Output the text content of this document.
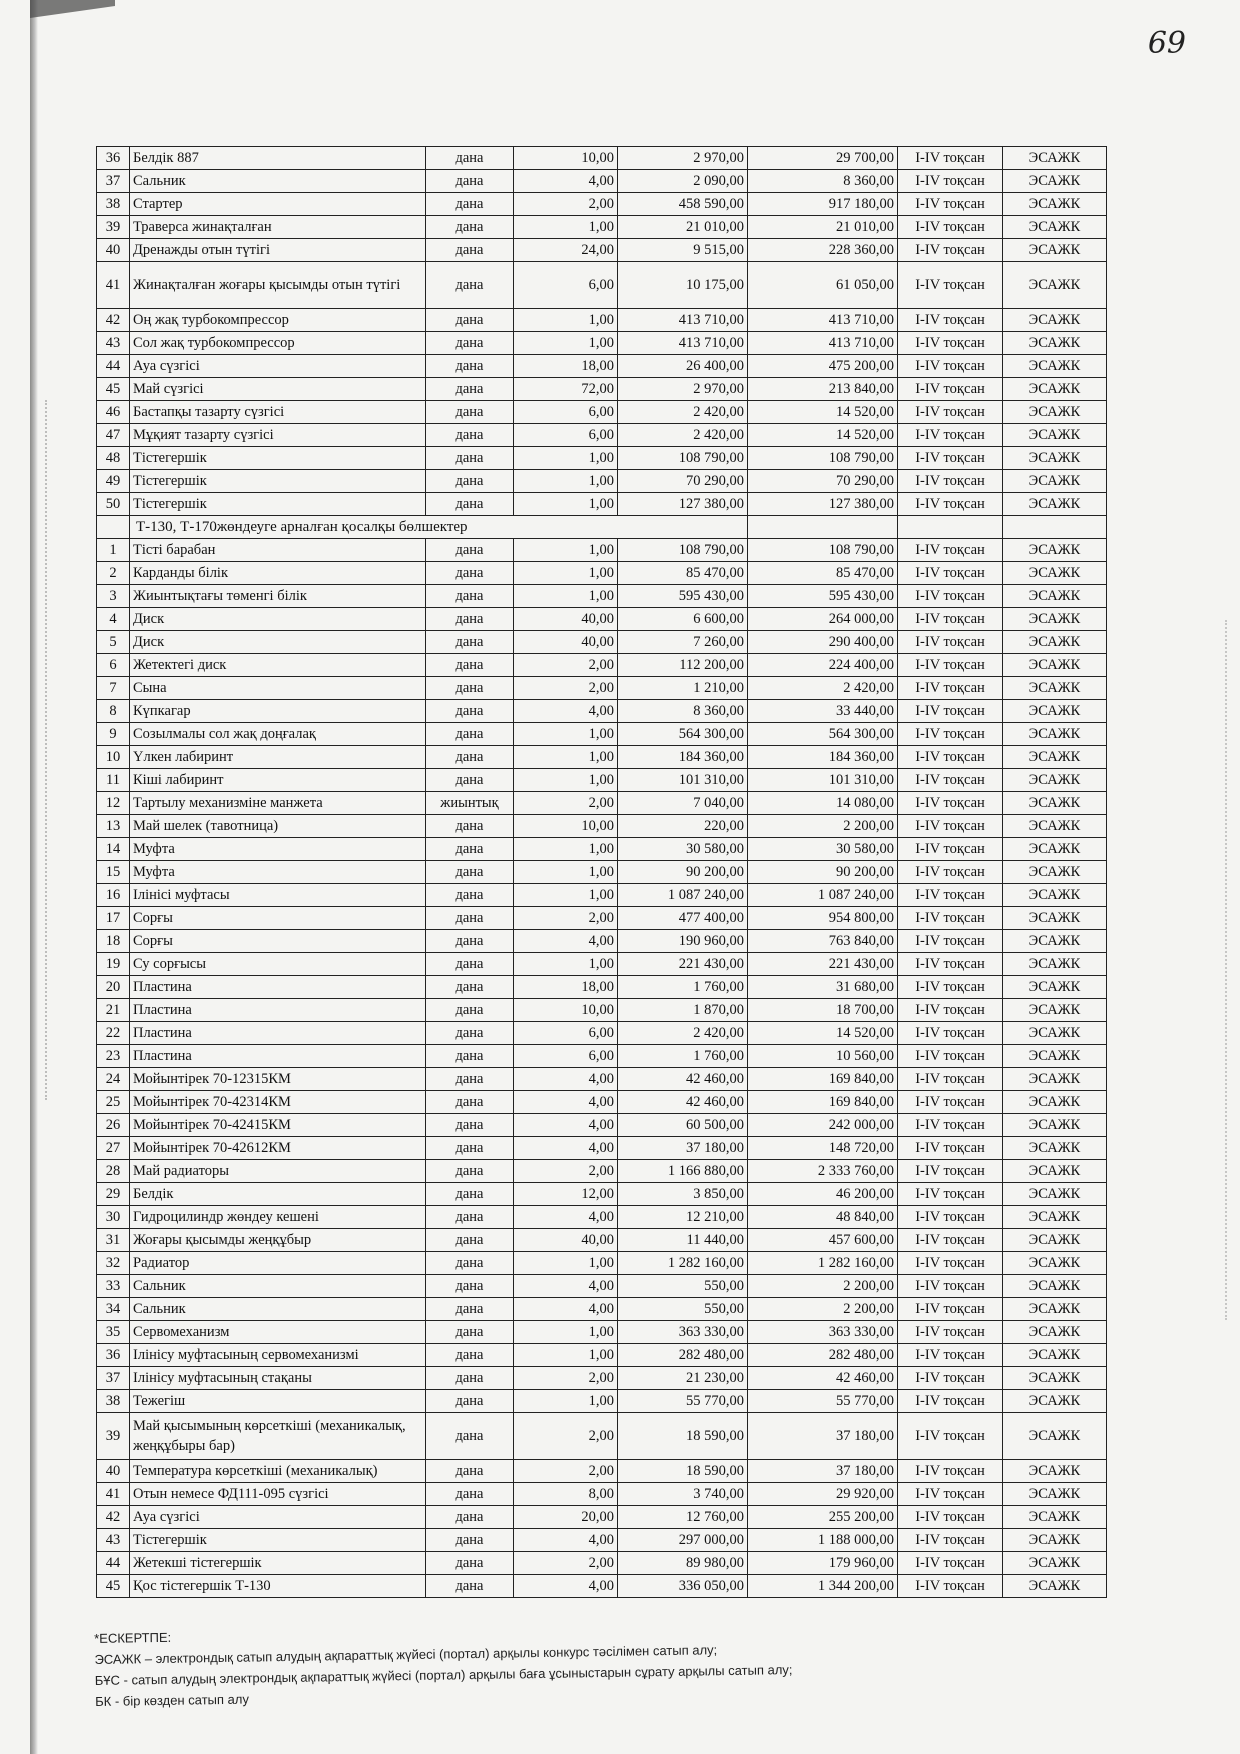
69
36	Белдік 887	дана	10,00	2 970,00	29 700,00	I-IV тоқсан	ЭСАЖК
37	Сальник	дана	4,00	2 090,00	8 360,00	I-IV тоқсан	ЭСАЖК
38	Стартер	дана	2,00	458 590,00	917 180,00	I-IV тоқсан	ЭСАЖК
39	Траверса жинақталған	дана	1,00	21 010,00	21 010,00	I-IV тоқсан	ЭСАЖК
40	Дренажды отын түтігі	дана	24,00	9 515,00	228 360,00	I-IV тоқсан	ЭСАЖК
41	Жинақталған жоғары қысымды отын түтігі	дана	6,00	10 175,00	61 050,00	I-IV тоқсан	ЭСАЖК
42	Оң жақ турбокомпрессор	дана	1,00	413 710,00	413 710,00	I-IV тоқсан	ЭСАЖК
43	Сол жақ турбокомпрессор	дана	1,00	413 710,00	413 710,00	I-IV тоқсан	ЭСАЖК
44	Ауа сүзгісі	дана	18,00	26 400,00	475 200,00	I-IV тоқсан	ЭСАЖК
45	Май сүзгісі	дана	72,00	2 970,00	213 840,00	I-IV тоқсан	ЭСАЖК
46	Бастапқы тазарту сүзгісі	дана	6,00	2 420,00	14 520,00	I-IV тоқсан	ЭСАЖК
47	Мұқият тазарту сүзгісі	дана	6,00	2 420,00	14 520,00	I-IV тоқсан	ЭСАЖК
48	Тістегершік	дана	1,00	108 790,00	108 790,00	I-IV тоқсан	ЭСАЖК
49	Тістегершік	дана	1,00	70 290,00	70 290,00	I-IV тоқсан	ЭСАЖК
50	Тістегершік	дана	1,00	127 380,00	127 380,00	I-IV тоқсан	ЭСАЖК
	Т-130, Т-170жөндеуге арналған қосалқы бөлшектер						
1	Тісті барабан	дана	1,00	108 790,00	108 790,00	I-IV тоқсан	ЭСАЖК
2	Карданды білік	дана	1,00	85 470,00	85 470,00	I-IV тоқсан	ЭСАЖК
3	Жиынтықтағы төменгі білік	дана	1,00	595 430,00	595 430,00	I-IV тоқсан	ЭСАЖК
4	Диск	дана	40,00	6 600,00	264 000,00	I-IV тоқсан	ЭСАЖК
5	Диск	дана	40,00	7 260,00	290 400,00	I-IV тоқсан	ЭСАЖК
6	Жетектегі диск	дана	2,00	112 200,00	224 400,00	I-IV тоқсан	ЭСАЖК
7	Сына	дана	2,00	1 210,00	2 420,00	I-IV тоқсан	ЭСАЖК
8	Күпкагар	дана	4,00	8 360,00	33 440,00	I-IV тоқсан	ЭСАЖК
9	Созылмалы сол жақ доңғалақ	дана	1,00	564 300,00	564 300,00	I-IV тоқсан	ЭСАЖК
10	Үлкен лабиринт	дана	1,00	184 360,00	184 360,00	I-IV тоқсан	ЭСАЖК
11	Кіші лабиринт	дана	1,00	101 310,00	101 310,00	I-IV тоқсан	ЭСАЖК
12	Тартылу механизміне манжета	жиынтық	2,00	7 040,00	14 080,00	I-IV тоқсан	ЭСАЖК
13	Май шелек (тавотница)	дана	10,00	220,00	2 200,00	I-IV тоқсан	ЭСАЖК
14	Муфта	дана	1,00	30 580,00	30 580,00	I-IV тоқсан	ЭСАЖК
15	Муфта	дана	1,00	90 200,00	90 200,00	I-IV тоқсан	ЭСАЖК
16	Ілінісі муфтасы	дана	1,00	1 087 240,00	1 087 240,00	I-IV тоқсан	ЭСАЖК
17	Сорғы	дана	2,00	477 400,00	954 800,00	I-IV тоқсан	ЭСАЖК
18	Сорғы	дана	4,00	190 960,00	763 840,00	I-IV тоқсан	ЭСАЖК
19	Су сорғысы	дана	1,00	221 430,00	221 430,00	I-IV тоқсан	ЭСАЖК
20	Пластина	дана	18,00	1 760,00	31 680,00	I-IV тоқсан	ЭСАЖК
21	Пластина	дана	10,00	1 870,00	18 700,00	I-IV тоқсан	ЭСАЖК
22	Пластина	дана	6,00	2 420,00	14 520,00	I-IV тоқсан	ЭСАЖК
23	Пластина	дана	6,00	1 760,00	10 560,00	I-IV тоқсан	ЭСАЖК
24	Мойынтірек 70-12315КМ	дана	4,00	42 460,00	169 840,00	I-IV тоқсан	ЭСАЖК
25	Мойынтірек 70-42314КМ	дана	4,00	42 460,00	169 840,00	I-IV тоқсан	ЭСАЖК
26	Мойынтірек 70-42415КМ	дана	4,00	60 500,00	242 000,00	I-IV тоқсан	ЭСАЖК
27	Мойынтірек 70-42612КМ	дана	4,00	37 180,00	148 720,00	I-IV тоқсан	ЭСАЖК
28	Май радиаторы	дана	2,00	1 166 880,00	2 333 760,00	I-IV тоқсан	ЭСАЖК
29	Белдік	дана	12,00	3 850,00	46 200,00	I-IV тоқсан	ЭСАЖК
30	Гидроцилиндр жөндеу кешені	дана	4,00	12 210,00	48 840,00	I-IV тоқсан	ЭСАЖК
31	Жоғары қысымды жеңқұбыр	дана	40,00	11 440,00	457 600,00	I-IV тоқсан	ЭСАЖК
32	Радиатор	дана	1,00	1 282 160,00	1 282 160,00	I-IV тоқсан	ЭСАЖК
33	Сальник	дана	4,00	550,00	2 200,00	I-IV тоқсан	ЭСАЖК
34	Сальник	дана	4,00	550,00	2 200,00	I-IV тоқсан	ЭСАЖК
35	Сервомеханизм	дана	1,00	363 330,00	363 330,00	I-IV тоқсан	ЭСАЖК
36	Ілінісу муфтасының сервомеханизмі	дана	1,00	282 480,00	282 480,00	I-IV тоқсан	ЭСАЖК
37	Ілінісу муфтасының стақаны	дана	2,00	21 230,00	42 460,00	I-IV тоқсан	ЭСАЖК
38	Тежегіш	дана	1,00	55 770,00	55 770,00	I-IV тоқсан	ЭСАЖК
39	Май қысымының көрсеткіші (механикалық, жеңқұбыры бар)	дана	2,00	18 590,00	37 180,00	I-IV тоқсан	ЭСАЖК
40	Температура көрсеткіші (механикалық)	дана	2,00	18 590,00	37 180,00	I-IV тоқсан	ЭСАЖК
41	Отын немесе ФД111-095 сүзгісі	дана	8,00	3 740,00	29 920,00	I-IV тоқсан	ЭСАЖК
42	Ауа сүзгісі	дана	20,00	12 760,00	255 200,00	I-IV тоқсан	ЭСАЖК
43	Тістегершік	дана	4,00	297 000,00	1 188 000,00	I-IV тоқсан	ЭСАЖК
44	Жетекші тістегершік	дана	2,00	89 980,00	179 960,00	I-IV тоқсан	ЭСАЖК
45	Қос тістегершік Т-130	дана	4,00	336 050,00	1 344 200,00	I-IV тоқсан	ЭСАЖК
*ЕСКЕРТПЕ:
ЭСАЖК – электрондық сатып алудың ақпараттық жүйесі (портал) арқылы конкурс тәсілімен сатып алу;
БҰС - сатып алудың электрондық ақпараттық жүйесі (портал) арқылы баға ұсыныстарын сұрату арқылы сатып алу;
БК - бір көзден сатып алу
